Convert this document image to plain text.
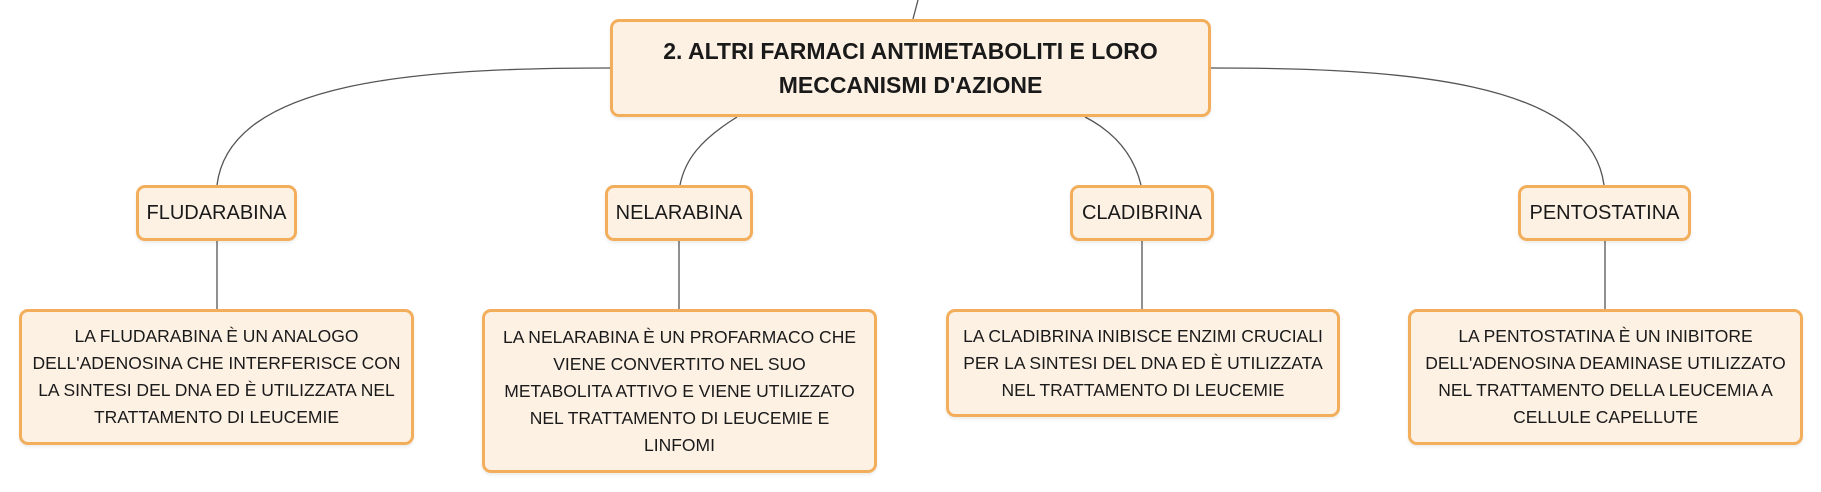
2. ALTRI FARMACI ANTIMETABOLITI E LORO MECCANISMI D'AZIONE
FLUDARABINA	NELARABINA	CLADIBRINA	PENTOSTATINA
LA FLUDARABINA È UN ANALOGO DELL'ADENOSINA CHE INTERFERISCE CON LA SINTESI DEL DNA ED È UTILIZZATA NEL TRATTAMENTO DI LEUCEMIE
LA NELARABINA È UN PROFARMACO CHE VIENE CONVERTITO NEL SUO METABOLITA ATTIVO E VIENE UTILIZZATO NEL TRATTAMENTO DI LEUCEMIE E LINFOMI
LA CLADIBRINA INIBISCE ENZIMI CRUCIALI PER LA SINTESI DEL DNA ED È UTILIZZATA NEL TRATTAMENTO DI LEUCEMIE
LA PENTOSTATINA È UN INIBITORE DELL'ADENOSINA DEAMINASE UTILIZZATO NEL TRATTAMENTO DELLA LEUCEMIA A CELLULE CAPELLUTE
